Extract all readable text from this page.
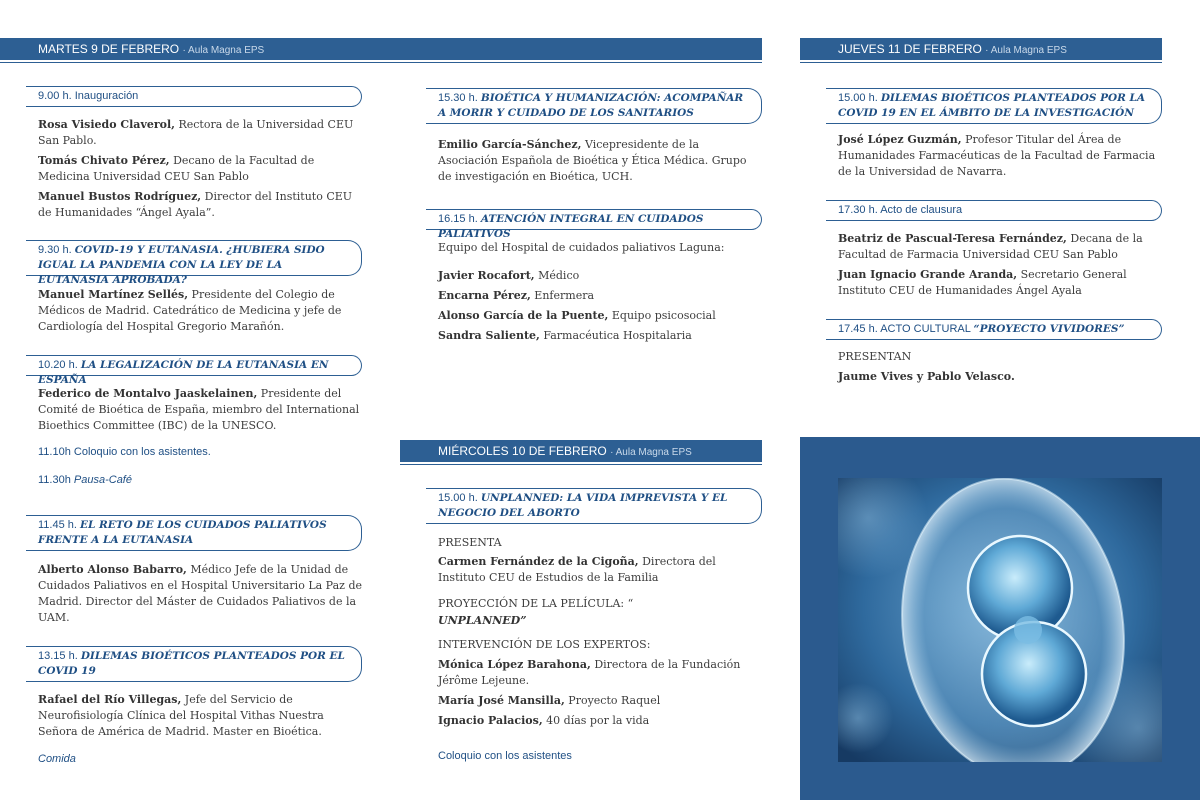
MARTES 9 DE FEBRERO · Aula Magna EPS
9.00 h. Inauguración
Rosa Visiedo Claverol, Rectora de la Universidad CEU San Pablo.
Tomás Chivato Pérez, Decano de la Facultad de Medicina Universidad CEU San Pablo
Manuel Bustos Rodríguez, Director del Instituto CEU de Humanidades “Ángel Ayala”.
9.30 h. COVID-19 Y EUTANASIA. ¿HUBIERA SIDO IGUAL LA PANDEMIA CON LA LEY DE LA EUTANASIA APROBADA?
Manuel Martínez Sellés, Presidente del Colegio de Médicos de Madrid. Catedrático de Medicina y jefe de Cardiología del Hospital Gregorio Marañón.
10.20 h. LA LEGALIZACIÓN DE LA EUTANASIA EN ESPAÑA
Federico de Montalvo Jaaskelainen, Presidente del Comité de Bioética de España, miembro del International Bioethics Committee (IBC) de la UNESCO.
11.10h Coloquio con los asistentes.
11.30h Pausa-Café
11.45 h. EL RETO DE LOS CUIDADOS PALIATIVOS FRENTE A LA EUTANASIA
Alberto Alonso Babarro, Médico Jefe de la Unidad de Cuidados Paliativos en el Hospital Universitario La Paz de Madrid. Director del Máster de Cuidados Paliativos de la UAM.
13.15 h. DILEMAS BIOÉTICOS PLANTEADOS POR EL COVID 19
Rafael del Río Villegas, Jefe del Servicio de Neurofisiología Clínica del Hospital Vithas Nuestra Señora de América de Madrid. Master en Bioética.
Comida
15.30 h. BIOÉTICA Y HUMANIZACIÓN: ACOMPAÑAR A MORIR Y CUIDADO DE LOS SANITARIOS
Emilio García-Sánchez, Vicepresidente de la Asociación Española de Bioética y Ética Médica. Grupo de investigación en Bioética, UCH.
16.15 h. ATENCIÓN INTEGRAL EN CUIDADOS PALIATIVOS
Equipo del Hospital de cuidados paliativos Laguna:
Javier Rocafort, Médico
Encarna Pérez, Enfermera
Alonso García de la Puente, Equipo psicosocial
Sandra Saliente, Farmacéutica Hospitalaria
MIÉRCOLES 10 DE FEBRERO · Aula Magna EPS
15.00 h. UNPLANNED: LA VIDA IMPREVISTA Y EL NEGOCIO DEL ABORTO
PRESENTA
Carmen Fernández de la Cigoña, Directora del Instituto CEU de Estudios de la Familia
PROYECCIÓN DE LA PELÍCULA: “
UNPLANNED”
INTERVENCIÓN DE LOS EXPERTOS:
Mónica López Barahona, Directora de la Fundación Jérôme Lejeune.
María José Mansilla, Proyecto Raquel
Ignacio Palacios, 40 días por la vida
Coloquio con los asistentes
JUEVES 11 DE FEBRERO · Aula Magna EPS
15.00 h. DILEMAS BIOÉTICOS PLANTEADOS POR LA COVID 19 EN EL ÁMBITO DE LA INVESTIGACIÓN
José López Guzmán, Profesor Titular del Área de Humanidades Farmacéuticas de la Facultad de Farmacia de la Universidad de Navarra.
17.30 h. Acto de clausura
Beatriz de Pascual-Teresa Fernández, Decana de la Facultad de Farmacia Universidad CEU San Pablo
Juan Ignacio Grande Aranda, Secretario General Instituto CEU de Humanidades Ángel Ayala
17.45 h. ACTO CULTURAL “PROYECTO VIVIDORES”
PRESENTAN
Jaume Vives y Pablo Velasco.
